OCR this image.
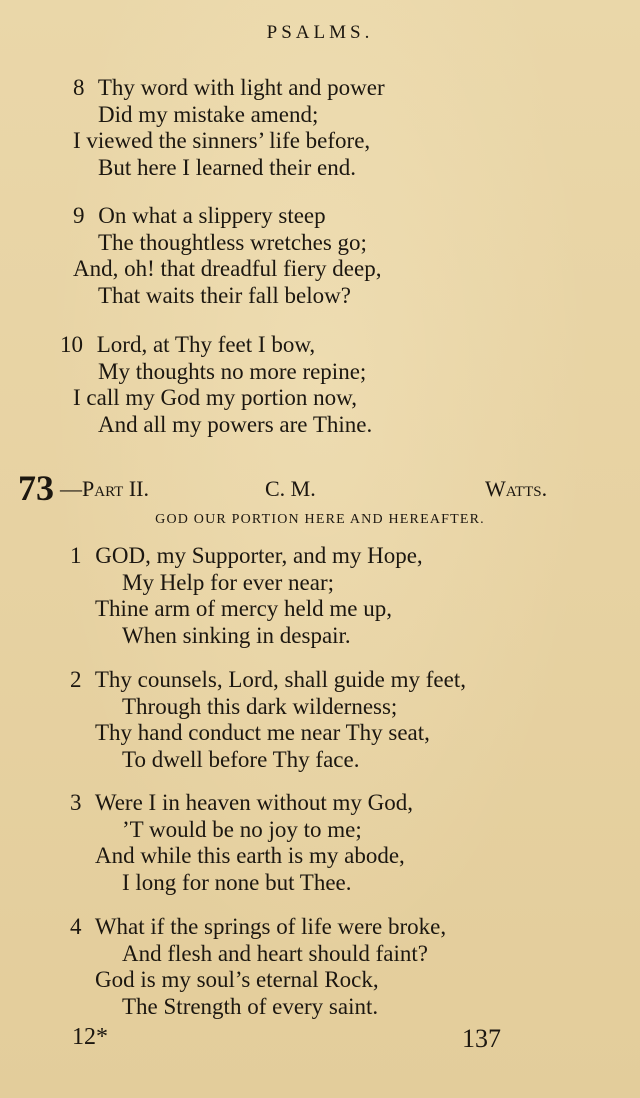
PSALMS.
8 Thy word with light and power
Did my mistake amend;
I viewed the sinners’ life before,
But here I learned their end.
9 On what a slippery steep
The thoughtless wretches go;
And, oh! that dreadful fiery deep,
That waits their fall below?
10 Lord, at Thy feet I bow,
My thoughts no more repine;
I call my God my portion now,
And all my powers are Thine.
73 —Part II.	C. M.	Watts.
GOD OUR PORTION HERE AND HEREAFTER.
1 GOD, my Supporter, and my Hope,
My Help for ever near;
Thine arm of mercy held me up,
When sinking in despair.
2 Thy counsels, Lord, shall guide my feet,
Through this dark wilderness;
Thy hand conduct me near Thy seat,
To dwell before Thy face.
3 Were I in heaven without my God,
’T would be no joy to me;
And while this earth is my abode,
I long for none but Thee.
4 What if the springs of life were broke,
And flesh and heart should faint?
God is my soul’s eternal Rock,
The Strength of every saint.
12*	137
